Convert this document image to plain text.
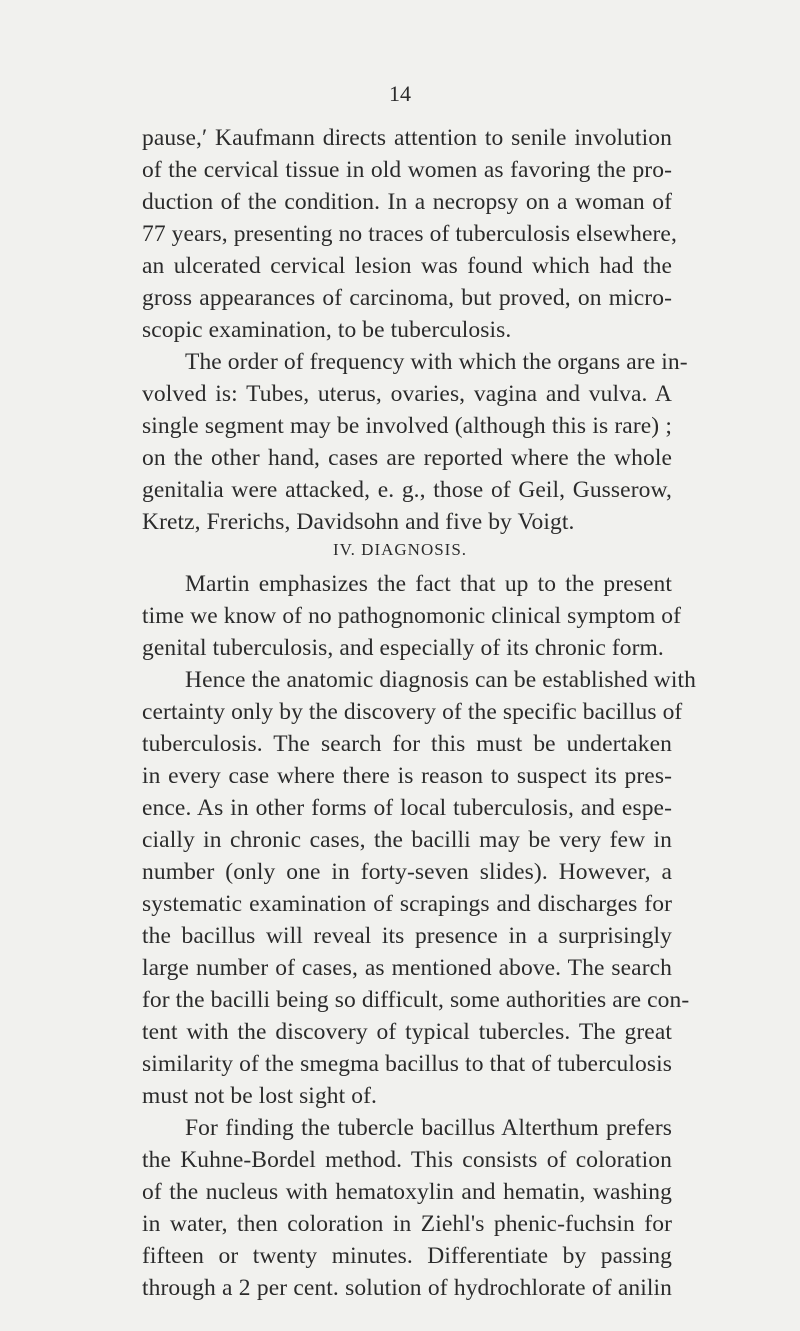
14
pause,ʹ Kaufmann directs attention to senile involution
of the cervical tissue in old women as favoring the pro-
duction of the condition. In a necropsy on a woman of
77 years, presenting no traces of tuberculosis elsewhere,
an ulcerated cervical lesion was found which had the
gross appearances of carcinoma, but proved, on micro-
scopic examination, to be tuberculosis.
The order of frequency with which the organs are in-
volved is: Tubes, uterus, ovaries, vagina and vulva. A
single segment may be involved (although this is rare) ;
on the other hand, cases are reported where the whole
genitalia were attacked, e. g., those of Geil, Gusserow,
Kretz, Frerichs, Davidsohn and five by Voigt.
IV. DIAGNOSIS.
Martin emphasizes the fact that up to the present
time we know of no pathognomonic clinical symptom of
genital tuberculosis, and especially of its chronic form.
Hence the anatomic diagnosis can be established with
certainty only by the discovery of the specific bacillus of
tuberculosis. The search for this must be undertaken
in every case where there is reason to suspect its pres-
ence. As in other forms of local tuberculosis, and espe-
cially in chronic cases, the bacilli may be very few in
number (only one in forty-seven slides). However, a
systematic examination of scrapings and discharges for
the bacillus will reveal its presence in a surprisingly
large number of cases, as mentioned above. The search
for the bacilli being so difficult, some authorities are con-
tent with the discovery of typical tubercles. The great
similarity of the smegma bacillus to that of tuberculosis
must not be lost sight of.
For finding the tubercle bacillus Alterthum prefers
the Kuhne-Bordel method. This consists of coloration
of the nucleus with hematoxylin and hematin, washing
in water, then coloration in Ziehl's phenic-fuchsin for
fifteen or twenty minutes. Differentiate by passing
through a 2 per cent. solution of hydrochlorate of anilin
